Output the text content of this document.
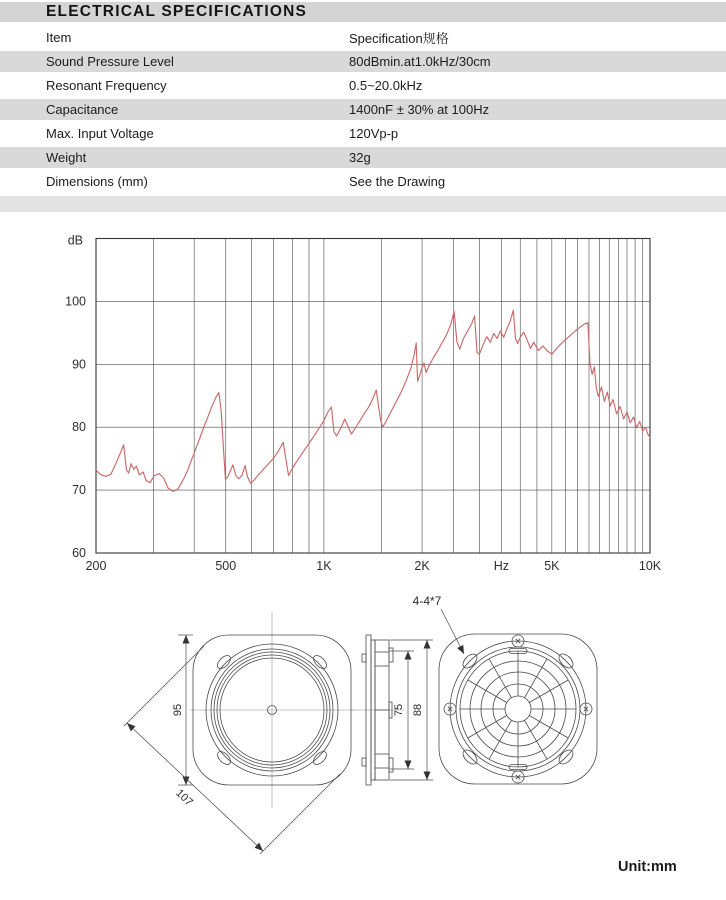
ELECTRICAL SPECIFICATIONS
Item	Specification规格
Sound Pressure Level	80dBmin.at1.0kHz/30cm
Resonant Frequency	0.5~20.0kHz
Capacitance	1400nF ± 30% at 100Hz
Max. Input Voltage	120Vp-p
Weight	32g
Dimensions (mm)	See the Drawing
dB
100
90
80
70
60
200	500	1K	2K	Hz	5K	10K
95
107
75 88
4-4*7
Unit:mm
